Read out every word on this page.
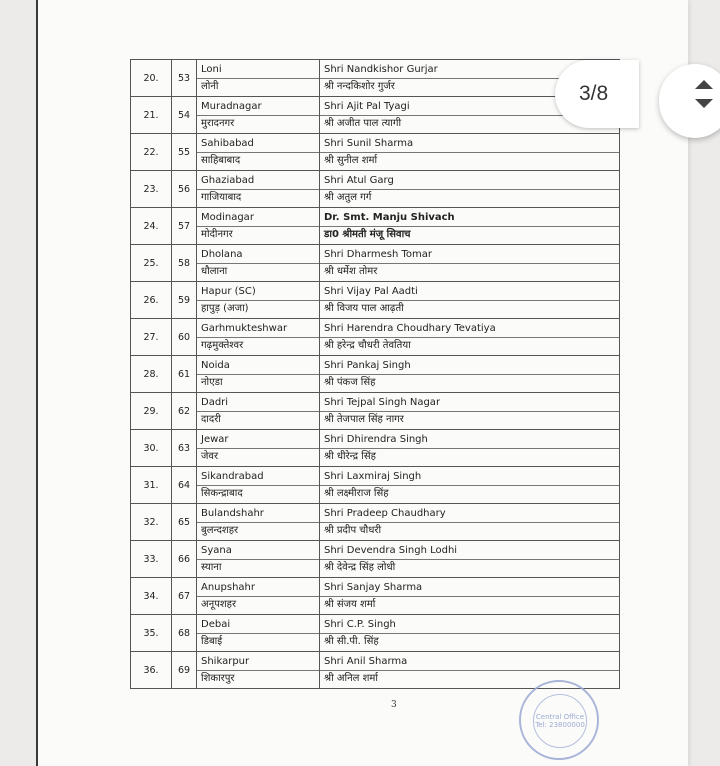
20.	53	Loni
लोनी	Shri Nandkishor Gurjar
श्री नन्दकिशोर गुर्जर

21.	54	Muradnagar
मुरादनगर	Shri Ajit Pal Tyagi
श्री अजीत पाल त्यागी

22.	55	Sahibabad
साहिबाबाद	Shri Sunil Sharma
श्री सुनील शर्मा

23.	56	Ghaziabad
गाजियाबाद	Shri Atul Garg
श्री अतुल गर्ग

24.	57	Modinagar
मोदीनगर	Dr. Smt. Manju Shivach
डा0 श्रीमती मंजू सिवाच

25.	58	Dholana
धौलाना	Shri Dharmesh Tomar
श्री धर्मेश तोमर

26.	59	Hapur (SC)
हापुड़ (अजा)	Shri Vijay Pal Aadti
श्री विजय पाल आढ़ती

27.	60	Garhmukteshwar
गढ़मुक्तेश्वर	Shri Harendra Choudhary Tevatiya
श्री हरेन्द्र चौधरी तेवतिया

28.	61	Noida
नोएडा	Shri Pankaj Singh
श्री पंकज सिंह

29.	62	Dadri
दादरी	Shri Tejpal Singh Nagar
श्री तेजपाल सिंह नागर

30.	63	Jewar
जेवर	Shri Dhirendra Singh
श्री धीरेन्द्र सिंह

31.	64	Sikandrabad
सिकन्द्राबाद	Shri Laxmiraj Singh
श्री लक्ष्मीराज सिंह

32.	65	Bulandshahr
बुलन्दशहर	Shri Pradeep Chaudhary
श्री प्रदीप चौधरी

33.	66	Syana
स्याना	Shri Devendra Singh Lodhi
श्री देवेन्द्र सिंह लोधी

34.	67	Anupshahr
अनूपशहर	Shri Sanjay Sharma
श्री संजय शर्मा

35.	68	Debai
डिबाई	Shri C.P. Singh
श्री सी.पी. सिंह

36.	69	Shikarpur
शिकारपुर	Shri Anil Sharma
श्री अनिल शर्मा
3
Central Office
Tel: 23800000
3/8
